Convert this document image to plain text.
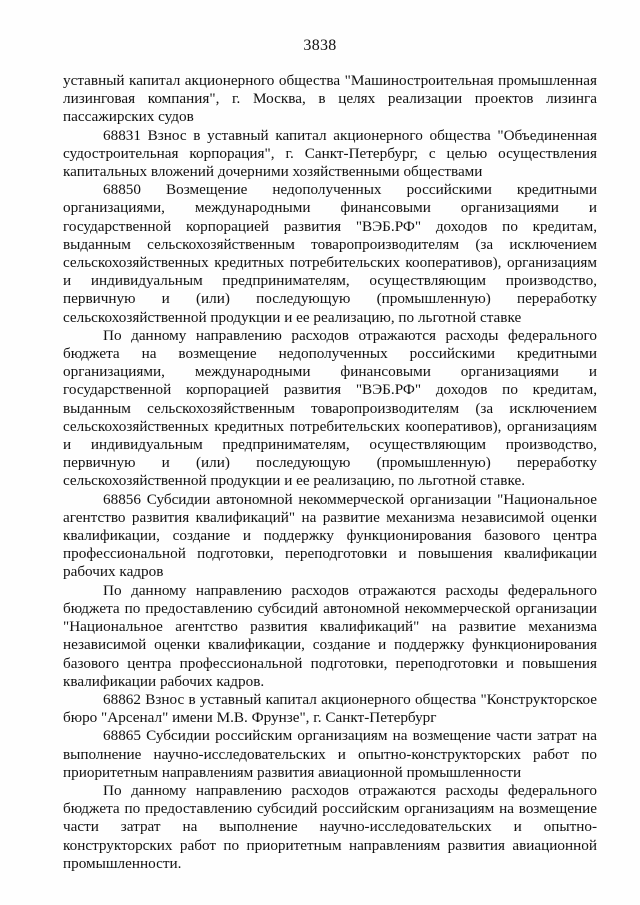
3838

уставный капитал акционерного общества "Машиностроительная промышленная лизинговая компания", г. Москва, в целях реализации проектов лизинга пассажирских судов

68831 Взнос в уставный капитал акционерного общества "Объединенная судостроительная корпорация", г. Санкт-Петербург, с целью осуществления капитальных вложений дочерними хозяйственными обществами

68850 Возмещение недополученных российскими кредитными организациями, международными финансовыми организациями и государственной корпорацией развития "ВЭБ.РФ" доходов по кредитам, выданным сельскохозяйственным товаропроизводителям (за исключением сельскохозяйственных кредитных потребительских кооперативов), организациям и индивидуальным предпринимателям, осуществляющим производство, первичную и (или) последующую (промышленную) переработку сельскохозяйственной продукции и ее реализацию, по льготной ставке

По данному направлению расходов отражаются расходы федерального бюджета на возмещение недополученных российскими кредитными организациями, международными финансовыми организациями и государственной корпорацией развития "ВЭБ.РФ" доходов по кредитам, выданным сельскохозяйственным товаропроизводителям (за исключением сельскохозяйственных кредитных потребительских кооперативов), организациям и индивидуальным предпринимателям, осуществляющим производство, первичную и (или) последующую (промышленную) переработку сельскохозяйственной продукции и ее реализацию, по льготной ставке.

68856 Субсидии автономной некоммерческой организации "Национальное агентство развития квалификаций" на развитие механизма независимой оценки квалификации, создание и поддержку функционирования базового центра профессиональной подготовки, переподготовки и повышения квалификации рабочих кадров

По данному направлению расходов отражаются расходы федерального бюджета по предоставлению субсидий автономной некоммерческой организации "Национальное агентство развития квалификаций" на развитие механизма независимой оценки квалификации, создание и поддержку функционирования базового центра профессиональной подготовки, переподготовки и повышения квалификации рабочих кадров.

68862 Взнос в уставный капитал акционерного общества "Конструкторское бюро "Арсенал" имени М.В. Фрунзе", г. Санкт-Петербург

68865 Субсидии российским организациям на возмещение части затрат на выполнение научно-исследовательских и опытно-конструкторских работ по приоритетным направлениям развития авиационной промышленности

По данному направлению расходов отражаются расходы федерального бюджета по предоставлению субсидий российским организациям на возмещение части затрат на выполнение научно-исследовательских и опытно-конструкторских работ по приоритетным направлениям развития авиационной промышленности.
